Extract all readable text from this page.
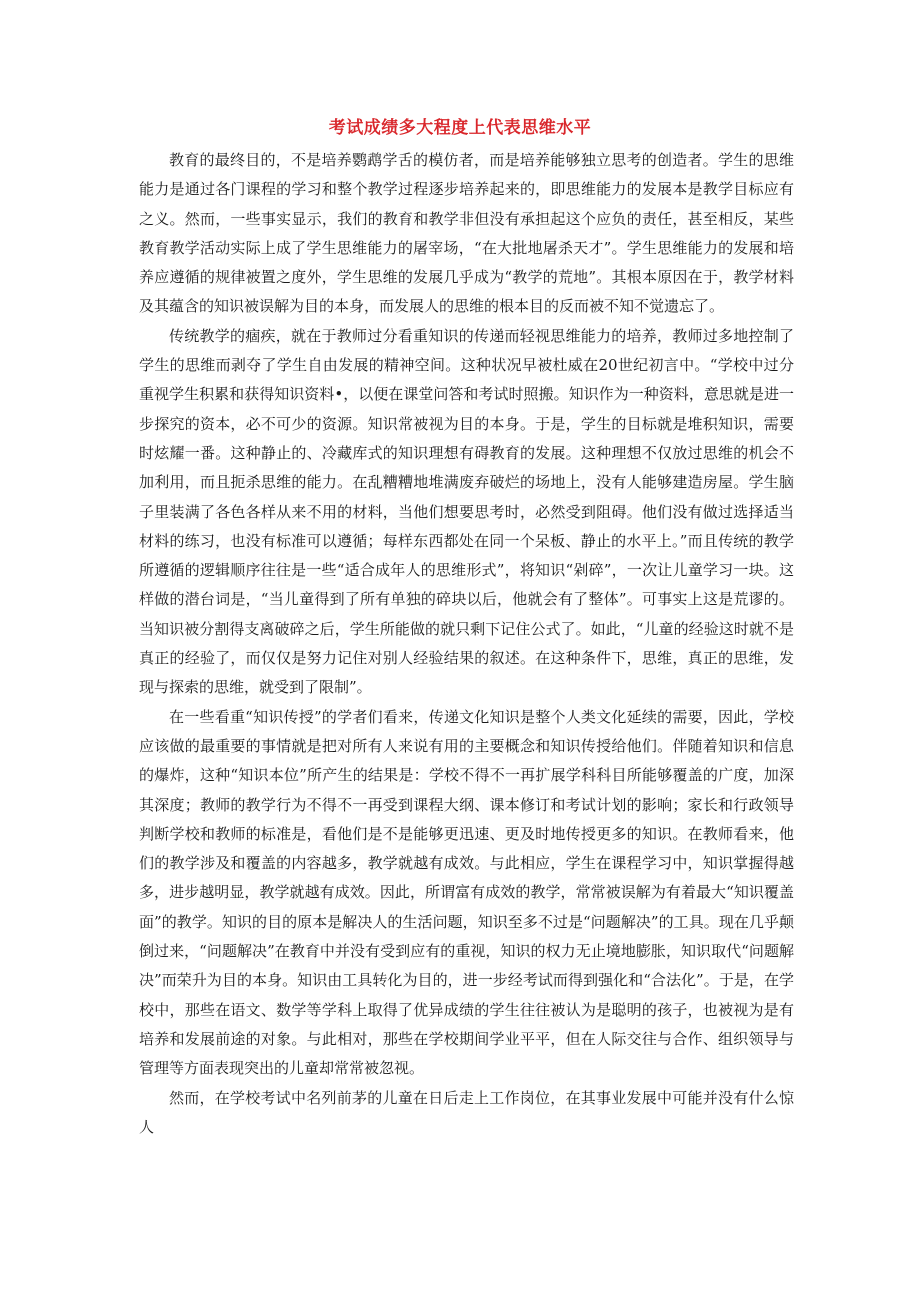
考试成绩多大程度上代表思维水平

教育的最终目的，不是培养鹦鹉学舌的模仿者，而是培养能够独立思考的创造者。学生的思维能力是通过各门课程的学习和整个教学过程逐步培养起来的，即思维能力的发展本是教学目标应有之义。然而，一些事实显示，我们的教育和教学非但没有承担起这个应负的责任，甚至相反，某些教育教学活动实际上成了学生思维能力的屠宰场，“在大批地屠杀天才”。学生思维能力的发展和培养应遵循的规律被置之度外，学生思维的发展几乎成为“教学的荒地”。其根本原因在于，教学材料及其蕴含的知识被误解为目的本身，而发展人的思维的根本目的反而被不知不觉遗忘了。

传统教学的痼疾，就在于教师过分看重知识的传递而轻视思维能力的培养，教师过多地控制了学生的思维而剥夺了学生自由发展的精神空间。这种状况早被杜威在20世纪初言中。“学校中过分重视学生积累和获得知识资料•，以便在课堂问答和考试时照搬。知识作为一种资料，意思就是进一步探究的资本，必不可少的资源。知识常被视为目的本身。于是，学生的目标就是堆积知识，需要时炫耀一番。这种静止的、冷藏库式的知识理想有碍教育的发展。这种理想不仅放过思维的机会不加利用，而且扼杀思维的能力。在乱糟糟地堆满废弃破烂的场地上，没有人能够建造房屋。学生脑子里装满了各色各样从来不用的材料，当他们想要思考时，必然受到阻碍。他们没有做过选择适当材料的练习，也没有标准可以遵循；每样东西都处在同一个呆板、静止的水平上。”而且传统的教学所遵循的逻辑顺序往往是一些“适合成年人的思维形式”，将知识“剁碎”，一次让儿童学习一块。这样做的潜台词是，“当儿童得到了所有单独的碎块以后，他就会有了整体”。可事实上这是荒谬的。当知识被分割得支离破碎之后，学生所能做的就只剩下记住公式了。如此，“儿童的经验这时就不是真正的经验了，而仅仅是努力记住对别人经验结果的叙述。在这种条件下，思维，真正的思维，发现与探索的思维，就受到了限制”。

在一些看重“知识传授”的学者们看来，传递文化知识是整个人类文化延续的需要，因此，学校应该做的最重要的事情就是把对所有人来说有用的主要概念和知识传授给他们。伴随着知识和信息的爆炸，这种“知识本位”所产生的结果是：学校不得不一再扩展学科科目所能够覆盖的广度，加深其深度；教师的教学行为不得不一再受到课程大纲、课本修订和考试计划的影响；家长和行政领导判断学校和教师的标准是，看他们是不是能够更迅速、更及时地传授更多的知识。在教师看来，他们的教学涉及和覆盖的内容越多，教学就越有成效。与此相应，学生在课程学习中，知识掌握得越多，进步越明显，教学就越有成效。因此，所谓富有成效的教学，常常被误解为有着最大“知识覆盖面”的教学。知识的目的原本是解决人的生活问题，知识至多不过是“问题解决”的工具。现在几乎颠倒过来，“问题解决”在教育中并没有受到应有的重视，知识的权力无止境地膨胀，知识取代“问题解决”而荣升为目的本身。知识由工具转化为目的，进一步经考试而得到强化和“合法化”。于是，在学校中，那些在语文、数学等学科上取得了优异成绩的学生往往被认为是聪明的孩子，也被视为是有培养和发展前途的对象。与此相对，那些在学校期间学业平平，但在人际交往与合作、组织领导与管理等方面表现突出的儿童却常常被忽视。

然而，在学校考试中名列前茅的儿童在日后走上工作岗位，在其事业发展中可能并没有什么惊人
